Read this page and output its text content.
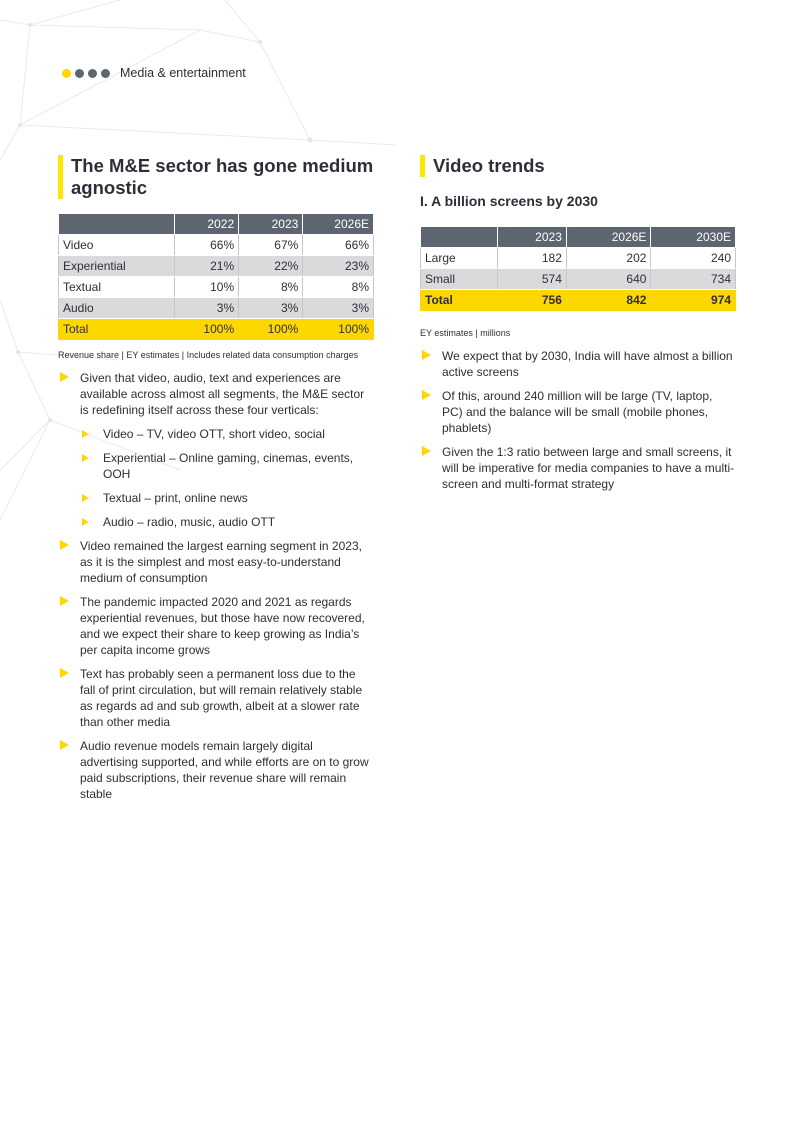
Media & entertainment
The M&E sector has gone medium agnostic
	2022	2023	2026E
Video	66%	67%	66%
Experiential	21%	22%	23%
Textual	10%	8%	8%
Audio	3%	3%	3%
Total	100%	100%	100%
Revenue share | EY estimates | Includes related data consumption charges
Given that video, audio, text and experiences are available across almost all segments, the M&E sector is redefining itself across these four verticals:
Video – TV, video OTT, short video, social
Experiential – Online gaming, cinemas, events, OOH
Textual – print, online news
Audio – radio, music, audio OTT
Video remained the largest earning segment in 2023, as it is the simplest and most easy-to-understand medium of consumption
The pandemic impacted 2020 and 2021 as regards experiential revenues, but those have now recovered, and we expect their share to keep growing as India’s per capita income grows
Text has probably seen a permanent loss due to the fall of print circulation, but will remain relatively stable as regards ad and sub growth, albeit at a slower rate than other media
Audio revenue models remain largely digital advertising supported, and while efforts are on to grow paid subscriptions, their revenue share will remain stable
Video trends
I. A billion screens by 2030
	2023	2026E	2030E
Large	182	202	240
Small	574	640	734
Total	756	842	974
EY estimates | millions
We expect that by 2030, India will have almost a billion active screens
Of this, around 240 million will be large (TV, laptop, PC) and the balance will be small (mobile phones, phablets)
Given the 1:3 ratio between large and small screens, it will be imperative for media companies to have a multi-screen and multi-format strategy
